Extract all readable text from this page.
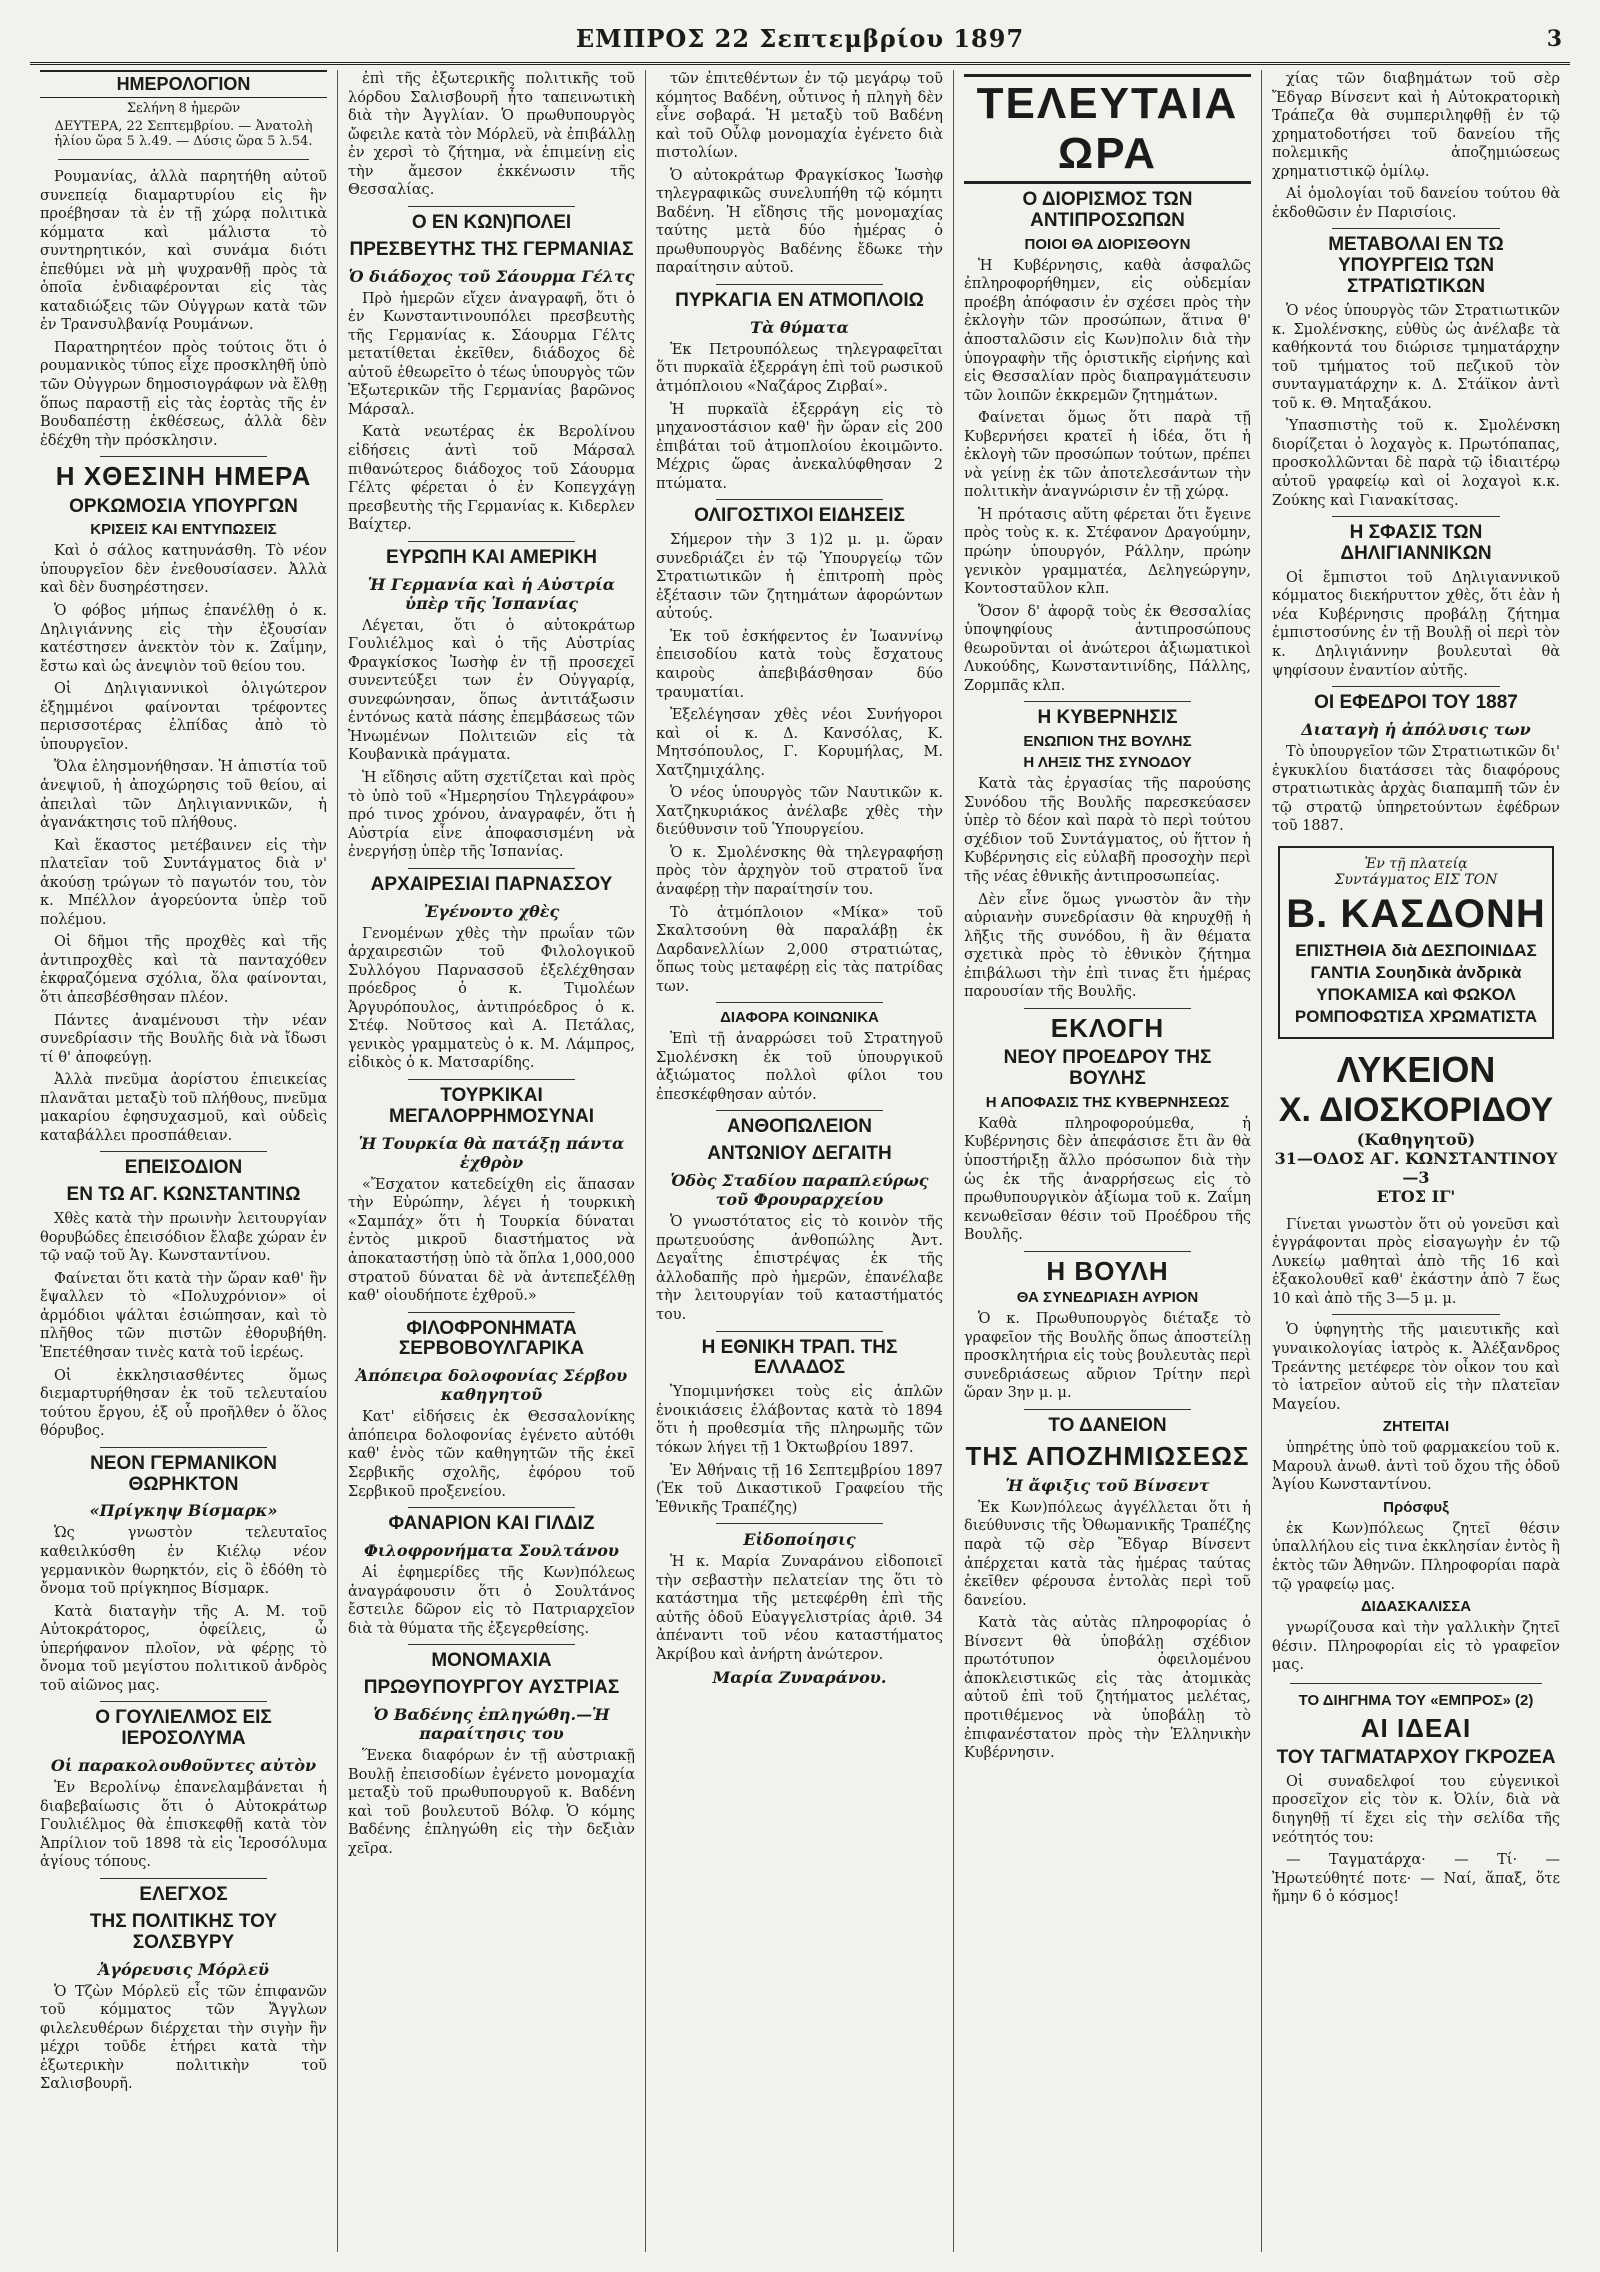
ΕΜΠΡΟΣ 22 Σεπτεμβρίου 1897	3
ΗΜΕΡΟΛΟΓΙΟΝ
Σελήνη 8 ἡμερῶν
ΔΕΥΤΕΡΑ, 22 Σεπτεμβρίου. — Ἀνατολὴ ἡλίου ὥρα 5 λ.49. — Δύσις ὥρα 5 λ.54.

Ρουμανίας, ἀλλὰ παρητήθη αὐτοῦ συνεπείᾳ διαμαρτυρίου εἰς ἣν προέβησαν τὰ ἐν τῇ χώρᾳ πολιτικὰ κόμματα καὶ μάλιστα τὸ συντηρητικόν, καὶ συνάμα διότι ἐπεθύμει νὰ μὴ ψυχρανθῇ πρὸς τὰ ὁποῖα ἐνδιαφέρονται εἰς τὰς καταδιώξεις τῶν Οὐγγρων κατὰ τῶν ἐν Τρανσυλβανίᾳ Ρουμάνων.

Παρατηρητέον πρὸς τούτοις ὅτι ὁ ρουμανικὸς τύπος εἶχε προσκληθῆ ὑπὸ τῶν Οὐγγρων δημοσιογράφων νὰ ἔλθῃ ὅπως παραστῇ εἰς τὰς ἑορτὰς τῆς ἐν Βουδαπέστῃ ἐκθέσεως, ἀλλὰ δὲν ἐδέχθη τὴν πρόσκλησιν.

Η ΧΘΕΣΙΝΗ ΗΜΕΡΑ
ΟΡΚΩΜΟΣΙΑ ΥΠΟΥΡΓΩΝ
ΚΡΙΣΕΙΣ ΚΑΙ ΕΝΤΥΠΩΣΕΙΣ

Καὶ ὁ σάλος κατηυνάσθη. Τὸ νέον ὑπουργεῖον δὲν ἐνεθουσίασεν. Ἀλλὰ καὶ δὲν δυσηρέστησεν.

Ὁ φόβος μήπως ἐπανέλθῃ ὁ κ. Δηλιγιάννης εἰς τὴν ἐξουσίαν κατέστησεν ἀνεκτὸν τὸν κ. Ζαΐμην, ἔστω καὶ ὡς ἀνεψιὸν τοῦ θείου του.

Οἱ Δηλιγιαννικοὶ ὀλιγώτερον ἐξημμένοι φαίνονται τρέφοντες περισσοτέρας ἐλπίδας ἀπὸ τὸ ὑπουργεῖον.

Ὅλα ἐλησμονήθησαν. Ἡ ἀπιστία τοῦ ἀνεψιοῦ, ἡ ἀποχώρησις τοῦ θείου, αἱ ἀπειλαὶ τῶν Δηλιγιαννικῶν, ἡ ἀγανάκτησις τοῦ πλήθους.

Καὶ ἕκαστος μετέβαινεν εἰς τὴν πλατεῖαν τοῦ Συντάγματος διὰ ν' ἀκούσῃ τρώγων τὸ παγωτόν του, τὸν κ. Μπέλλον ἀγορεύοντα ὑπὲρ τοῦ πολέμου.

Οἱ δῆμοι τῆς προχθὲς καὶ τῆς ἀντιπροχθὲς καὶ τὰ πανταχόθεν ἐκφραζόμενα σχόλια, ὅλα φαίνονται, ὅτι ἀπεσβέσθησαν πλέον.

Πάντες ἀναμένουσι τὴν νέαν συνεδρίασιν τῆς Βουλῆς διὰ νὰ ἴδωσι τί θ' ἀποφεύγῃ.

Ἀλλὰ πνεῦμα ἀορίστου ἐπιεικείας πλανᾶται μεταξὺ τοῦ πλήθους, πνεῦμα μακαρίου ἐφησυχασμοῦ, καὶ οὐδεὶς καταβάλλει προσπάθειαν.

ΕΠΕΙΣΟΔΙΟΝ
ΕΝ ΤΩ ΑΓ. ΚΩΝΣΤΑΝΤΙΝΩ

Χθὲς κατὰ τὴν πρωινὴν λειτουργίαν θορυβώδες ἐπεισόδιον ἔλαβε χώραν ἐν τῷ ναῷ τοῦ Ἁγ. Κωνσταντίνου.

Φαίνεται ὅτι κατὰ τὴν ὥραν καθ' ἣν ἔψαλλεν τὸ «Πολυχρόνιον» οἱ ἁρμόδιοι ψάλται ἐσιώπησαν, καὶ τὸ πλῆθος τῶν πιστῶν ἐθορυβήθη. Ἐπετέθησαν τινὲς κατὰ τοῦ ἱερέως.

Οἱ ἐκκλησιασθέντες ὅμως διεμαρτυρήθησαν ἐκ τοῦ τελευταίου τούτου ἔργου, ἐξ οὗ προῆλθεν ὁ ὅλος θόρυβος.

ΝΕΟΝ ΓΕΡΜΑΝΙΚΟΝ ΘΩΡΗΚΤΟΝ
«Πρίγκηψ Βίσμαρκ»

Ὡς γνωστὸν τελευταῖος καθειλκύσθη ἐν Κιέλῳ νέον γερμανικὸν θωρηκτόν, εἰς ὃ ἐδόθη τὸ ὄνομα τοῦ πρίγκηπος Βίσμαρκ.

Κατὰ διαταγὴν τῆς Α. Μ. τοῦ Αὐτοκράτορος, ὀφείλεις, ὦ ὑπερήφανον πλοῖον, νὰ φέρῃς τὸ ὄνομα τοῦ μεγίστου πολιτικοῦ ἀνδρὸς τοῦ αἰῶνος μας.

Ο ΓΟΥΛΙΕΛΜΟΣ ΕΙΣ ΙΕΡΟΣΟΛΥΜΑ
Οἱ παρακολουθοῦντες αὐτὸν

Ἐν Βερολίνῳ ἐπανελαμβάνεται ἡ διαβεβαίωσις ὅτι ὁ Αὐτοκράτωρ Γουλιέλμος θὰ ἐπισκεφθῇ κατὰ τὸν Ἀπρίλιον τοῦ 1898 τὰ εἰς Ἱεροσόλυμα ἁγίους τόπους.

ΕΛΕΓΧΟΣ
ΤΗΣ ΠΟΛΙΤΙΚΗΣ ΤΟΥ ΣΟΛΣΒΥΡΥ
Ἀγόρευσις Μόρλεϋ

Ὁ Τζὼν Μόρλεϋ εἷς τῶν ἐπιφανῶν τοῦ κόμματος τῶν Ἄγγλων φιλελευθέρων διέρχεται τὴν σιγὴν ἣν μέχρι τοῦδε ἐτήρει κατὰ τὴν ἐξωτερικὴν πολιτικὴν τοῦ Σαλισβουρῆ.

ἐπὶ τῆς ἐξωτερικῆς πολιτικῆς τοῦ λόρδου Σαλισβουρῆ ἦτο ταπεινωτικὴ διὰ τὴν Ἀγγλίαν. Ὁ πρωθυπουργὸς ὤφειλε κατὰ τὸν Μόρλεϋ, νὰ ἐπιβάλλῃ ἐν χερσὶ τὸ ζήτημα, νὰ ἐπιμείνῃ εἰς τὴν ἄμεσον ἐκκένωσιν τῆς Θεσσαλίας.

Ο ΕΝ ΚΩΝ)ΠΟΛΕΙ
ΠΡΕΣΒΕΥΤΗΣ ΤΗΣ ΓΕΡΜΑΝΙΑΣ
Ὁ διάδοχος τοῦ Σάουρμα Γέλτς

Πρὸ ἡμερῶν εἴχεν ἀναγραφῆ, ὅτι ὁ ἐν Κωνσταντινουπόλει πρεσβευτὴς τῆς Γερμανίας κ. Σάουρμα Γέλτς μετατίθεται ἐκεῖθεν, διάδοχος δὲ αὐτοῦ ἐθεωρεῖτο ὁ τέως ὑπουργὸς τῶν Ἐξωτερικῶν τῆς Γερμανίας βαρῶνος Μάρσαλ.

Κατὰ νεωτέρας ἐκ Βερολίνου εἰδήσεις ἀντὶ τοῦ Μάρσαλ πιθανώτερος διάδοχος τοῦ Σάουρμα Γέλτς φέρεται ὁ ἐν Κοπεγχάγῃ πρεσβευτὴς τῆς Γερμανίας κ. Κιδερλεν Βαίχτερ.

ΕΥΡΩΠΗ ΚΑΙ ΑΜΕΡΙΚΗ
Ἡ Γερμανία καὶ ἡ Αὐστρία ὑπὲρ τῆς Ἱσπανίας

Λέγεται, ὅτι ὁ αὐτοκράτωρ Γουλιέλμος καὶ ὁ τῆς Αὐστρίας Φραγκίσκος Ἰωσὴφ ἐν τῇ προσεχεῖ συνεντεύξει των ἐν Οὐγγαρίᾳ, συνεφώνησαν, ὅπως ἀντιτάξωσιν ἐντόνως κατὰ πάσης ἐπεμβάσεως τῶν Ἡνωμένων Πολιτειῶν εἰς τὰ Κουβανικὰ πράγματα.

Ἡ εἴδησις αὕτη σχετίζεται καὶ πρὸς τὸ ὑπὸ τοῦ «Ἡμερησίου Τηλεγράφου» πρό τινος χρόνου, ἀναγραφέν, ὅτι ἡ Αὐστρία εἶνε ἀποφασισμένη νὰ ἐνεργήσῃ ὑπὲρ τῆς Ἱσπανίας.

ΑΡΧΑΙΡΕΣΙΑΙ ΠΑΡΝΑΣΣΟΥ
Ἐγένοντο χθὲς

Γενομένων χθὲς τὴν πρωΐαν τῶν ἀρχαιρεσιῶν τοῦ Φιλολογικοῦ Συλλόγου Παρνασσοῦ ἐξελέχθησαν πρόεδρος ὁ κ. Τιμολέων Ἀργυρόπουλος, ἀντιπρόεδρος ὁ κ. Στέφ. Νοῦτσος καὶ Α. Πετάλας, γενικὸς γραμματεὺς ὁ κ. Μ. Λάμπρος, εἰδικὸς ὁ κ. Ματσαρίδης.

ΤΟΥΡΚΙΚΑΙ ΜΕΓΑΛΟΡΡΗΜΟΣΥΝΑΙ
Ἡ Τουρκία θὰ πατάξῃ πάντα ἐχθρὸν

«Ἔσχατον κατεδείχθη εἰς ἅπασαν τὴν Εὐρώπην, λέγει ἡ τουρκικὴ «Σαμπάχ» ὅτι ἡ Τουρκία δύναται ἐντὸς μικροῦ διαστήματος νὰ ἀποκαταστήσῃ ὑπὸ τὰ ὅπλα 1,000,000 στρατοῦ δύναται δὲ νὰ ἀντεπεξέλθῃ καθ' οἱουδήποτε ἐχθροῦ.»

ΦΙΛΟΦΡΟΝΗΜΑΤΑ ΣΕΡΒΟΒΟΥΛΓΑΡΙΚΑ
Ἀπόπειρα δολοφονίας Σέρβου καθηγητοῦ

Κατ' εἰδήσεις ἐκ Θεσσαλονίκης ἀπόπειρα δολοφονίας ἐγένετο αὐτόθι καθ' ἑνὸς τῶν καθηγητῶν τῆς ἐκεῖ Σερβικῆς σχολῆς, ἐφόρου τοῦ Σερβικοῦ προξενείου.

ΦΑΝΑΡΙΟΝ ΚΑΙ ΓΙΛΔΙΖ
Φιλοφρονήματα Σουλτάνου

Αἱ ἐφημερίδες τῆς Κων)πόλεως ἀναγράφουσιν ὅτι ὁ Σουλτάνος ἔστειλε δῶρον εἰς τὸ Πατριαρχεῖον διὰ τὰ θύματα τῆς ἐξεγερθείσης.

ΜΟΝΟΜΑΧΙΑ
ΠΡΩΘΥΠΟΥΡΓΟΥ ΑΥΣΤΡΙΑΣ
Ὁ Βαδένης ἐπληγώθη.—Ἡ παραίτησις του

Ἕνεκα διαφόρων ἐν τῇ αὐστριακῇ Βουλῇ ἐπεισοδίων ἐγένετο μονομαχία μεταξὺ τοῦ πρωθυπουργοῦ κ. Βαδένη καὶ τοῦ βουλευτοῦ Βόλφ. Ὁ κόμης Βαδένης ἐπληγώθη εἰς τὴν δεξιὰν χεῖρα.

τῶν ἐπιτεθέντων ἐν τῷ μεγάρῳ τοῦ κόμητος Βαδένη, οὗτινος ἡ πληγὴ δὲν εἶνε σοβαρά. Ἡ μεταξὺ τοῦ Βαδένη καὶ τοῦ Οὗλφ μονομαχία ἐγένετο διὰ πιστολίων.

Ὁ αὐτοκράτωρ Φραγκίσκος Ἰωσὴφ τηλεγραφικῶς συνελυπήθη τῷ κόμητι Βαδένη. Ἡ εἴδησις τῆς μονομαχίας ταύτης μετὰ δύο ἡμέρας ὁ πρωθυπουργὸς Βαδένης ἔδωκε τὴν παραίτησιν αὐτοῦ.

ΠΥΡΚΑΓΙΑ ΕΝ ΑΤΜΟΠΛΟΙΩ
Τὰ θύματα

Ἐκ Πετρουπόλεως τηλεγραφεῖται ὅτι πυρκαϊὰ ἐξερράγη ἐπὶ τοῦ ρωσικοῦ ἀτμόπλοιου «Ναζάρος Ζιρβαί».

Ἡ πυρκαϊὰ ἐξερράγη εἰς τὸ μηχανοστάσιον καθ' ἣν ὥραν εἰς 200 ἐπιβάται τοῦ ἀτμοπλοίου ἐκοιμῶντο. Μέχρις ὥρας ἀνεκαλύφθησαν 2 πτώματα.

ΟΛΙΓΟΣΤΙΧΟΙ ΕΙΔΗΣΕΙΣ

Σήμερον τὴν 3 1)2 μ. μ. ὥραν συνεδριάζει ἐν τῷ Ὑπουργείῳ τῶν Στρατιωτικῶν ἡ ἐπιτροπὴ πρὸς ἐξέτασιν τῶν ζητημάτων ἀφορώντων αὐτούς.

Ἐκ τοῦ ἐσκήφεντος ἐν Ἰωαννίνῳ ἐπεισοδίου κατὰ τοὺς ἔσχατους καιροὺς ἀπεβιβάσθησαν δύο τραυματίαι.

Ἐξελέγησαν χθὲς νέοι Συνήγοροι καὶ οἱ κ. Δ. Κανσόλας, Κ. Μητσόπουλος, Γ. Κορυμήλας, Μ. Χατζημιχάλης.

Ὁ νέος ὑπουργὸς τῶν Ναυτικῶν κ. Χατζηκυριάκος ἀνέλαβε χθὲς τὴν διεύθυνσιν τοῦ Ὑπουργείου.

Ὁ κ. Σμολένσκης θὰ τηλεγραφήσῃ πρὸς τὸν ἀρχηγὸν τοῦ στρατοῦ ἵνα ἀναφέρῃ τὴν παραίτησίν του.

Τὸ ἀτμόπλοιον «Μίκα» τοῦ Σκαλτσούνη θὰ παραλάβῃ ἐκ Δαρδανελλίων 2,000 στρατιώτας, ὅπως τοὺς μεταφέρῃ εἰς τὰς πατρίδας των.

ΔΙΑΦΟΡΑ ΚΟΙΝΩΝΙΚΑ

Ἐπὶ τῇ ἀναρρώσει τοῦ Στρατηγοῦ Σμολένσκη ἐκ τοῦ ὑπουργικοῦ ἀξιώματος πολλοὶ φίλοι του ἐπεσκέφθησαν αὐτόν.

ΑΝΘΟΠΩΛΕΙΟΝ
ΑΝΤΩΝΙΟΥ ΔΕΓΑΙΤΗ
Ὁδὸς Σταδίου παραπλεύρως τοῦ Φρουραρχείου

Ὁ γνωστότατος εἰς τὸ κοινὸν τῆς πρωτευούσης ἀνθοπώλης Ἀντ. Δεγαΐτης ἐπιστρέψας ἐκ τῆς ἀλλοδαπῆς πρὸ ἡμερῶν, ἐπανέλαβε τὴν λειτουργίαν τοῦ καταστήματός του.

Η ΕΘΝΙΚΗ ΤΡΑΠ. ΤΗΣ ΕΛΛΑΔΟΣ

Ὑπομιμνήσκει τοὺς εἰς ἀπλῶν ἐνοικιάσεις ἐλάβοντας κατὰ τὸ 1894 ὅτι ἡ προθεσμία τῆς πληρωμῆς τῶν τόκων λήγει τῇ 1 Ὀκτωβρίου 1897.

Ἐν Ἀθήναις τῇ 16 Σεπτεμβρίου 1897 (Ἐκ τοῦ Δικαστικοῦ Γραφείου τῆς Ἐθνικῆς Τραπέζης)

Εἰδοποίησις

Ἡ κ. Μαρία Ζυναράνου εἰδοποιεῖ τὴν σεβαστὴν πελατείαν της ὅτι τὸ κατάστημα τῆς μετεφέρθη ἐπὶ τῆς αὐτῆς ὁδοῦ Εὐαγγελιστρίας ἀριθ. 34 ἀπέναντι τοῦ νέου καταστήματος Ἀκρίβου καὶ ἀνήρτη ἀνώτερον.

Μαρία Ζυναράνου.
ΤΕΛΕΥΤΑΙΑ ΩΡΑ
Ο ΔΙΟΡΙΣΜΟΣ ΤΩΝ ΑΝΤΙΠΡΟΣΩΠΩΝ
ΠΟΙΟΙ ΘΑ ΔΙΟΡΙΣΘΟΥΝ

Ἡ Κυβέρνησις, καθὰ ἀσφαλῶς ἐπληροφορήθημεν, εἰς οὐδεμίαν προέβη ἀπόφασιν ἐν σχέσει πρὸς τὴν ἐκλογὴν τῶν προσώπων, ἅτινα θ' ἀποσταλῶσιν εἰς Κων)πολιν διὰ τὴν ὑπογραφὴν τῆς ὁριστικῆς εἰρήνης καὶ εἰς Θεσσαλίαν πρὸς διαπραγμάτευσιν τῶν λοιπῶν ἐκκρεμῶν ζητημάτων.

Φαίνεται ὅμως ὅτι παρὰ τῇ Κυβερνήσει κρατεῖ ἡ ἰδέα, ὅτι ἡ ἐκλογὴ τῶν προσώπων τούτων, πρέπει νὰ γείνῃ ἐκ τῶν ἀποτελεσάντων τὴν πολιτικὴν ἀναγνώρισιν ἐν τῇ χώρᾳ.

Ἡ πρότασις αὕτη φέρεται ὅτι ἔγεινε πρὸς τοὺς κ. κ. Στέφανον Δραγούμην, πρώην ὑπουργόν, Ράλλην, πρώην γενικὸν γραμματέα, Δεληγεώργην, Κοντοσταῦλον κλπ.

Ὅσον δ' ἀφορᾷ τοὺς ἐκ Θεσσαλίας ὑποψηφίους ἀντιπροσώπους θεωροῦνται οἱ ἀνώτεροι ἀξιωματικοὶ Λυκούδης, Κωνσταντινίδης, Πάλλης, Ζορμπᾶς κλπ.

Η ΚΥΒΕΡΝΗΣΙΣ
ΕΝΩΠΙΟΝ ΤΗΣ ΒΟΥΛΗΣ
Η ΛΗΞΙΣ ΤΗΣ ΣΥΝΟΔΟΥ

Κατὰ τὰς ἐργασίας τῆς παρούσης Συνόδου τῆς Βουλῆς παρεσκεύασεν ὑπὲρ τὸ δέον καὶ παρὰ τὸ περὶ τούτου σχέδιον τοῦ Συντάγματος, οὐ ἥττον ἡ Κυβέρνησις εἰς εὐλαβῆ προσοχὴν περὶ τῆς νέας ἐθνικῆς ἀντιπροσωπείας.

Δὲν εἶνε ὅμως γνωστὸν ἂν τὴν αὐριανὴν συνεδρίασιν θὰ κηρυχθῇ ἡ λῆξις τῆς συνόδου, ἢ ἂν θέματα σχετικὰ πρὸς τὸ ἐθνικὸν ζήτημα ἐπιβάλωσι τὴν ἐπὶ τινας ἔτι ἡμέρας παρουσίαν τῆς Βουλῆς.

ΕΚΛΟΓΗ
ΝΕΟΥ ΠΡΟΕΔΡΟΥ ΤΗΣ ΒΟΥΛΗΣ
Η ΑΠΟΦΑΣΙΣ ΤΗΣ ΚΥΒΕΡΝΗΣΕΩΣ

Καθὰ πληροφορούμεθα, ἡ Κυβέρνησις δὲν ἀπεφάσισε ἔτι ἂν θὰ ὑποστήριξῃ ἄλλο πρόσωπον διὰ τὴν ὡς ἐκ τῆς ἀναρρήσεως εἰς τὸ πρωθυπουργικὸν ἀξίωμα τοῦ κ. Ζαΐμη κενωθεῖσαν θέσιν τοῦ Προέδρου τῆς Βουλῆς.

Η ΒΟΥΛΗ
ΘΑ ΣΥΝΕΔΡΙΑΣΗ ΑΥΡΙΟΝ

Ὁ κ. Πρωθυπουργὸς διέταξε τὸ γραφεῖον τῆς Βουλῆς ὅπως ἀποστείλῃ προσκλητήρια εἰς τοὺς βουλευτὰς περὶ συνεδριάσεως αὔριον Τρίτην περὶ ὥραν 3ην μ. μ.

ΤΟ ΔΑΝΕΙΟΝ
ΤΗΣ ΑΠΟΖΗΜΙΩΣΕΩΣ
Ἡ ἄφιξις τοῦ Βίνσεντ

Ἐκ Κων)πόλεως ἀγγέλλεται ὅτι ἡ διεύθυνσις τῆς Ὀθωμανικῆς Τραπέζης παρὰ τῷ σὲρ Ἔδγαρ Βίνσεντ ἀπέρχεται κατὰ τὰς ἡμέρας ταύτας ἐκεῖθεν φέρουσα ἐντολὰς περὶ τοῦ δανείου.

Κατὰ τὰς αὐτὰς πληροφορίας ὁ Βίνσεντ θὰ ὑποβάλῃ σχέδιον πρωτότυπον ὀφειλομένου ἀποκλειστικῶς εἰς τὰς ἀτομικὰς αὐτοῦ ἐπὶ τοῦ ζητήματος μελέτας, προτιθέμενος νὰ ὑποβάλῃ τὸ ἐπιφανέστατον πρὸς τὴν Ἑλληνικὴν Κυβέρνησιν.

χίας τῶν διαβημάτων τοῦ σὲρ Ἔδγαρ Βίνσεντ καὶ ἡ Αὐτοκρατορικὴ Τράπεζα θὰ συμπεριληφθῇ ἐν τῷ χρηματοδοτήσει τοῦ δανείου τῆς πολεμικῆς ἀποζημιώσεως χρηματιστικῷ ὁμίλῳ.

Αἱ ὁμολογίαι τοῦ δανείου τούτου θὰ ἐκδοθῶσιν ἐν Παρισίοις.

ΜΕΤΑΒΟΛΑΙ ΕΝ ΤΩ ΥΠΟΥΡΓΕΙΩ ΤΩΝ ΣΤΡΑΤΙΩΤΙΚΩΝ

Ὁ νέος ὑπουργὸς τῶν Στρατιωτικῶν κ. Σμολένσκης, εὐθὺς ὡς ἀνέλαβε τὰ καθήκοντά του διώρισε τμηματάρχην τοῦ τμήματος τοῦ πεζικοῦ τὸν συνταγματάρχην κ. Δ. Στάϊκον ἀντὶ τοῦ κ. Θ. Μηταξάκου.

Ὑπασπιστὴς τοῦ κ. Σμολένσκη διορίζεται ὁ λοχαγὸς κ. Πρωτόπαπας, προσκολλῶνται δὲ παρὰ τῷ ἰδιαιτέρῳ αὐτοῦ γραφείῳ καὶ οἱ λοχαγοὶ κ.κ. Ζούκης καὶ Γιανακίτσας.

Η ΣΦΑΣΙΣ ΤΩΝ ΔΗΛΙΓΙΑΝΝΙΚΩΝ

Οἱ ἔμπιστοι τοῦ Δηλιγιαννικοῦ κόμματος διεκήρυττον χθὲς, ὅτι ἐὰν ἡ νέα Κυβέρνησις προβάλῃ ζήτημα ἐμπιστοσύνης ἐν τῇ Βουλῇ οἱ περὶ τὸν κ. Δηλιγιάννην βουλευταὶ θὰ ψηφίσουν ἐναντίον αὐτῆς.

ΟΙ ΕΦΕΔΡΟΙ ΤΟΥ 1887
Διαταγὴ ἡ ἀπόλυσις των

Τὸ ὑπουργεῖον τῶν Στρατιωτικῶν δι' ἐγκυκλίου διατάσσει τὰς διαφόρους στρατιωτικὰς ἀρχὰς διαπαμπῆ τῶν ἐν τῷ στρατῷ ὑπηρετούντων ἐφέδρων τοῦ 1887.

Ἐν τῇ πλατείᾳ
Συντάγματος ΕΙΣ ΤΟΝ
Β. ΚΑΣΔΟΝΗ
ΕΠΙΣΤΗΘΙΑ διὰ ΔΕΣΠΟΙΝΙΔΑΣ
ΓΑΝΤΙΑ Σουηδικὰ ἀνδρικὰ
ΥΠΟΚΑΜΙΣΑ καὶ ΦΩΚΟΛ
ΡΟΜΠΟΦΩΤΙΣΑ ΧΡΩΜΑΤΙΣΤΑ
ΛΥΚΕΙΟΝ
Χ. ΔΙΟΣΚΟΡΙΔΟΥ
(Καθηγητοῦ)
31—ΟΔΟΣ ΑΓ. ΚΩΝΣΤΑΝΤΙΝΟΥ—3
ΕΤΟΣ ΙΓ'

Γίνεται γνωστὸν ὅτι οὐ γονεῦσι καὶ ἐγγράφονται πρὸς εἰσαγωγὴν ἐν τῷ Λυκείῳ μαθηταὶ ἀπὸ τῆς 16 καὶ ἐξακολουθεῖ καθ' ἑκάστην ἀπὸ 7 ἕως 10 καὶ ἀπὸ τῆς 3—5 μ. μ.

Ὁ ὑφηγητὴς τῆς μαιευτικῆς καὶ γυναικολογίας ἰατρὸς κ. Ἀλέξανδρος Τρεάντης μετέφερε τὸν οἶκον του καὶ τὸ ἰατρεῖον αὐτοῦ εἰς τὴν πλατεῖαν Μαγείου.

ΖΗΤΕΙΤΑΙ

ὑπηρέτης ὑπὸ τοῦ φαρμακείου τοῦ κ. Μαρουλ ἀνωθ. ἀντὶ τοῦ ὄχου τῆς ὁδοῦ Ἁγίου Κωνσταντίνου.

Πρόσφυξ

ἐκ Κων)πόλεως ζητεῖ θέσιν ὑπαλλήλου εἰς τινα ἐκκλησίαν ἐντὸς ἢ ἐκτὸς τῶν Ἀθηνῶν. Πληροφορίαι παρὰ τῷ γραφείῳ μας.

ΔΙΔΑΣΚΑΛΙΣΣΑ

γνωρίζουσα καὶ τὴν γαλλικὴν ζητεῖ θέσιν. Πληροφορίαι εἰς τὸ γραφεῖον μας.

ΤΟ ΔΙΗΓΗΜΑ ΤΟΥ «ΕΜΠΡΟΣ» (2)
ΑΙ ΙΔΕΑΙ
ΤΟΥ ΤΑΓΜΑΤΑΡΧΟΥ ΓΚΡΟΖΕΑ

Οἱ συναδελφοί του εὐγενικοὶ προσεῖχον εἰς τὸν κ. Ὀλίν, διὰ νὰ διηγηθῇ τί ἔχει εἰς τὴν σελίδα τῆς νεότητός του:

— Ταγματάρχα· — Τί· — Ἠρωτεύθητέ ποτε· — Ναί, ἅπαξ, ὅτε ἤμην 6 ὁ κόσμος!
